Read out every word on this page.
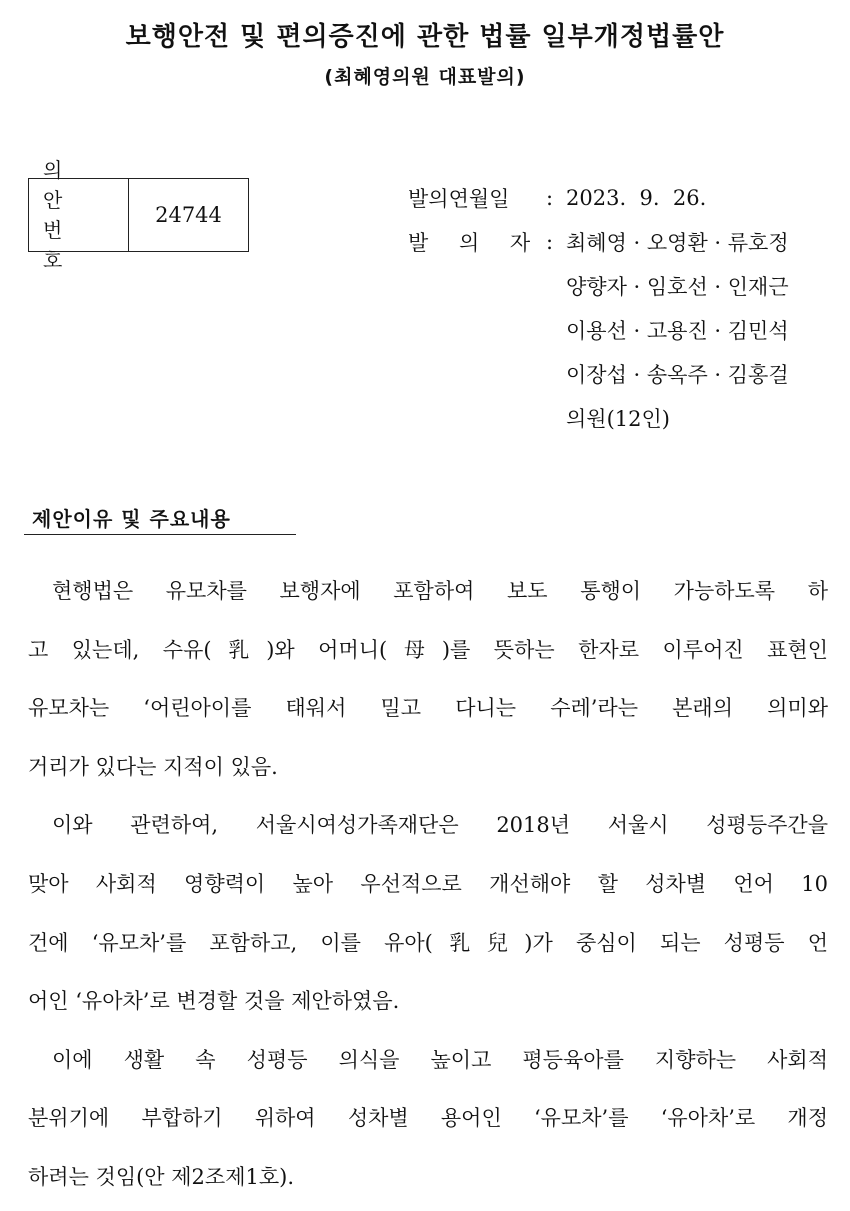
보행안전 및 편의증진에 관한 법률 일부개정법률안
(최혜영의원 대표발의)
의 안
번 호
24744
발의연월일	: 2023.  9.  26.
발 의 자 : 최혜영 · 오영환 · 류호정
양향자 · 임호선 · 인재근
이용선 · 고용진 · 김민석
이장섭 · 송옥주 · 김홍걸
의원(12인)
제안이유 및 주요내용
현행법은 유모차를 보행자에 포함하여 보도 통행이 가능하도록 하
고 있는데, 수유(乳)와 어머니(母)를 뜻하는 한자로 이루어진 표현인
유모차는 ‘어린아이를 태워서 밀고 다니는 수레’라는 본래의 의미와
거리가 있다는 지적이 있음.
이와 관련하여, 서울시여성가족재단은 2018년 서울시 성평등주간을
맞아 사회적 영향력이 높아 우선적으로 개선해야 할 성차별 언어 10
건에 ‘유모차’를 포함하고, 이를 유아(乳兒)가 중심이 되는 성평등 언
어인 ‘유아차’로 변경할 것을 제안하였음.
이에 생활 속 성평등 의식을 높이고 평등육아를 지향하는 사회적
분위기에 부합하기 위하여 성차별 용어인 ‘유모차’를 ‘유아차’로 개정
하려는 것임(안 제2조제1호).
